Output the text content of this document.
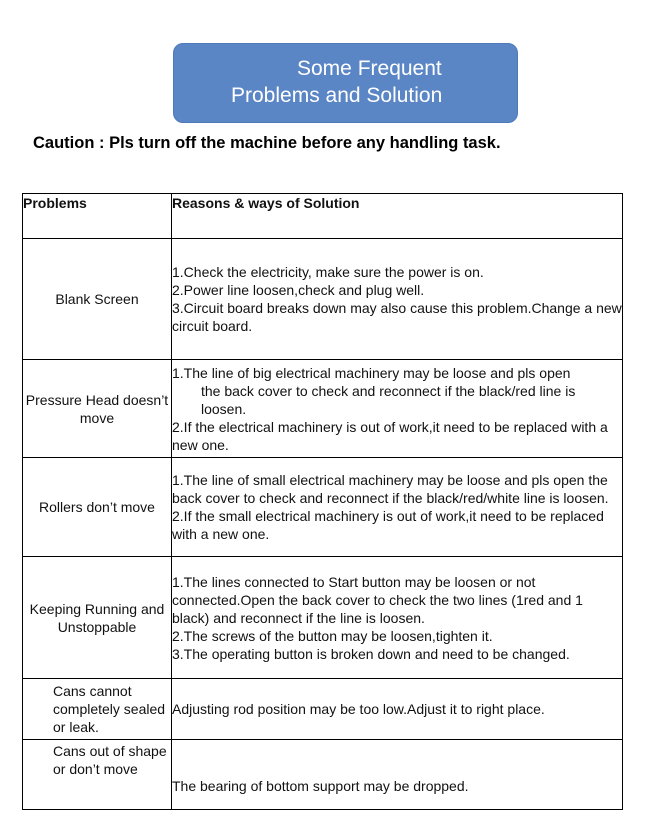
Some Frequent
Problems and Solution
Caution : Pls turn off the machine before any handling task.
Problems	Reasons & ways of Solution

Blank Screen	1.Check the electricity, make sure the power is on.
2.Power line loosen,check and plug well.
3.Circuit board breaks down may also cause this problem.Change a new circuit board.

Pressure Head doesn’t move	1.The line of big electrical machinery may be loose and pls open
the back cover to check and reconnect if the black/red line is loosen.
2.If the electrical machinery is out of work,it need to be replaced with a new one.

Rollers don’t move	1.The line of small electrical machinery may be loose and pls open the back cover to check and reconnect if the black/red/white line is loosen.
2.If the small electrical machinery is out of work,it need to be replaced with a new one.

Keeping Running and Unstoppable	1.The lines connected to Start button may be loosen or not connected.Open the back cover to check the two lines (1red and 1 black) and reconnect if the line is loosen.
2.The screws of the button may be loosen,tighten it.
3.The operating button is broken down and need to be changed.

Cans cannot completely sealed or leak.	Adjusting rod position may be too low.Adjust it to right place.

Cans out of shape or don’t move	The bearing of bottom support may be dropped.
